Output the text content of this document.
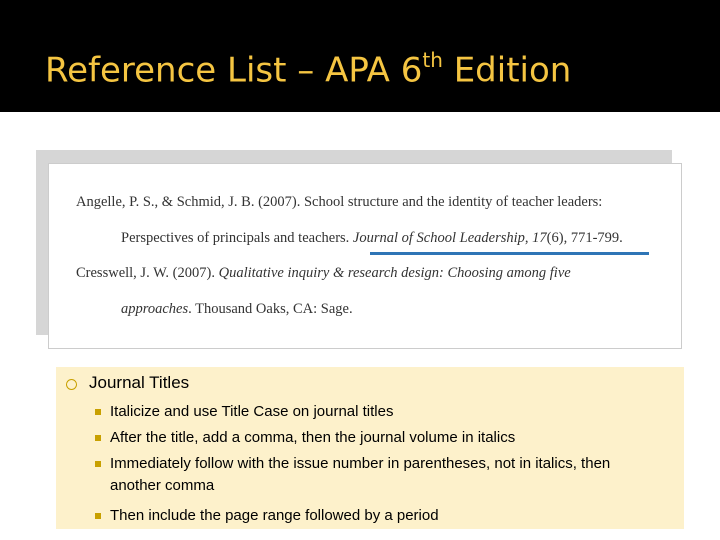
Reference List – APA 6th Edition
Angelle, P. S., & Schmid, J. B. (2007). School structure and the identity of teacher leaders:
Perspectives of principals and teachers. Journal of School Leadership, 17(6), 771-799.
Cresswell, J. W. (2007). Qualitative inquiry & research design: Choosing among five
approaches. Thousand Oaks, CA: Sage.
Journal Titles
Italicize and use Title Case on journal titles
After the title, add a comma, then the journal volume in italics
Immediately follow with the issue number in parentheses, not in italics, then
another comma
Then include the page range followed by a period
